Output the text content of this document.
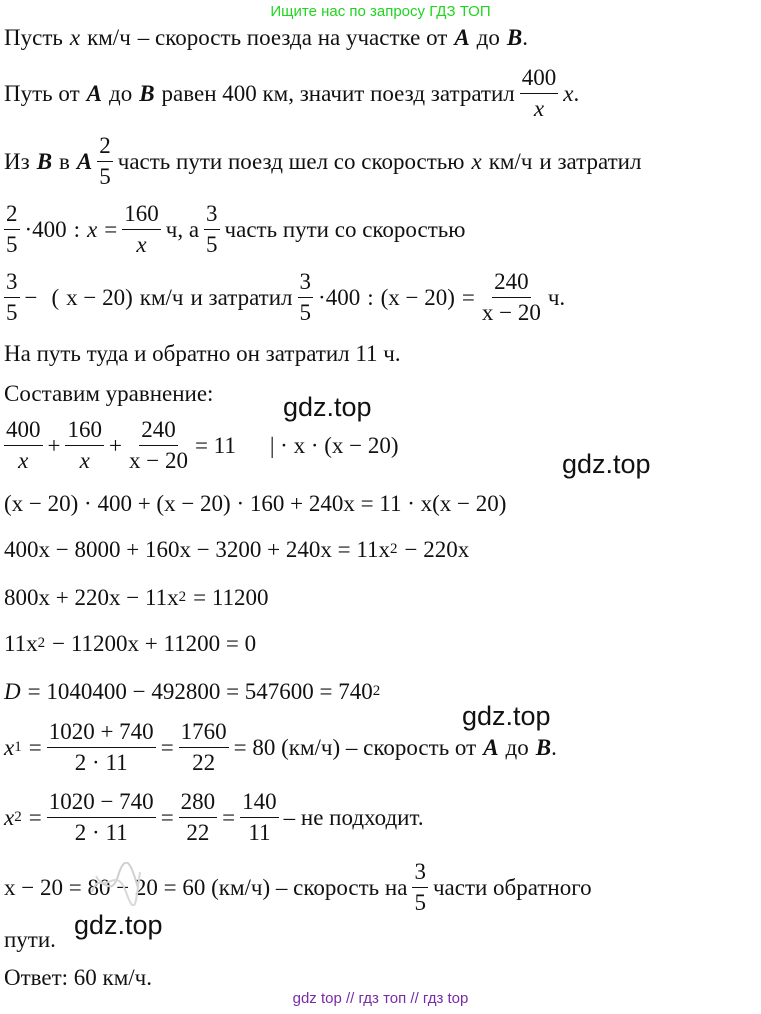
Ищите нас по запросу ГДЗ ТОП
Пусть x км/ч – скорость поезда на участке от A до B .
Путь от A до B равен 400 км, значит поезд затратил $\frac{400}{x}$ x .
Из B в A $\frac{2}{5}$ часть пути поезд шел со скоростью x км/ч и затратил
$\frac{2}{5} \cdot 400$ : $x = \frac{160}{x} ч$, а $\frac{3}{5}$ часть пути со скоростью
$\frac{3}{5}$ − ( x − 20) км/ч и затратил $\frac{3}{5} \cdot 400$ : $(x - 20) = \frac{240}{x - 20} ч$.
На путь туда и обратно он затратил 11 ч.
Составим уравнение:
$\frac{400}{x} + \frac{160}{x} + \frac{240}{x - 20} = 11$ | · x · (x − 20)
(x − 20) · 400 + (x − 20) · 160 + 240x = 11 · x(x − 20)
400x − 8000 + 160x − 3200 + 240x = 11x 2 − 220x
800x + 220x − 11x 2 = 11200
11x 2 − 11200x + 11200 = 0
D = 1040400 − 492800 = 547600 = 740 2
x $1 = \frac{1020 + 740}{2 \cdot 11} = \frac{1760}{22} = 80$ (км/ч) – скорость от A до B .
x $2 = \frac{1020 - 740}{2 \cdot 11} = \frac{280}{22} = \frac{140}{11}$ – не подходит.
x − 20 = 80 − 20 = 60 (км/ч) – скорость на $\frac{3}{5}$ части обратного
пути.
Ответ: 60 км/ч.
gdz.top
gdz.top
gdz.top
gdz.top
gdz top // гдз топ // гдз top
